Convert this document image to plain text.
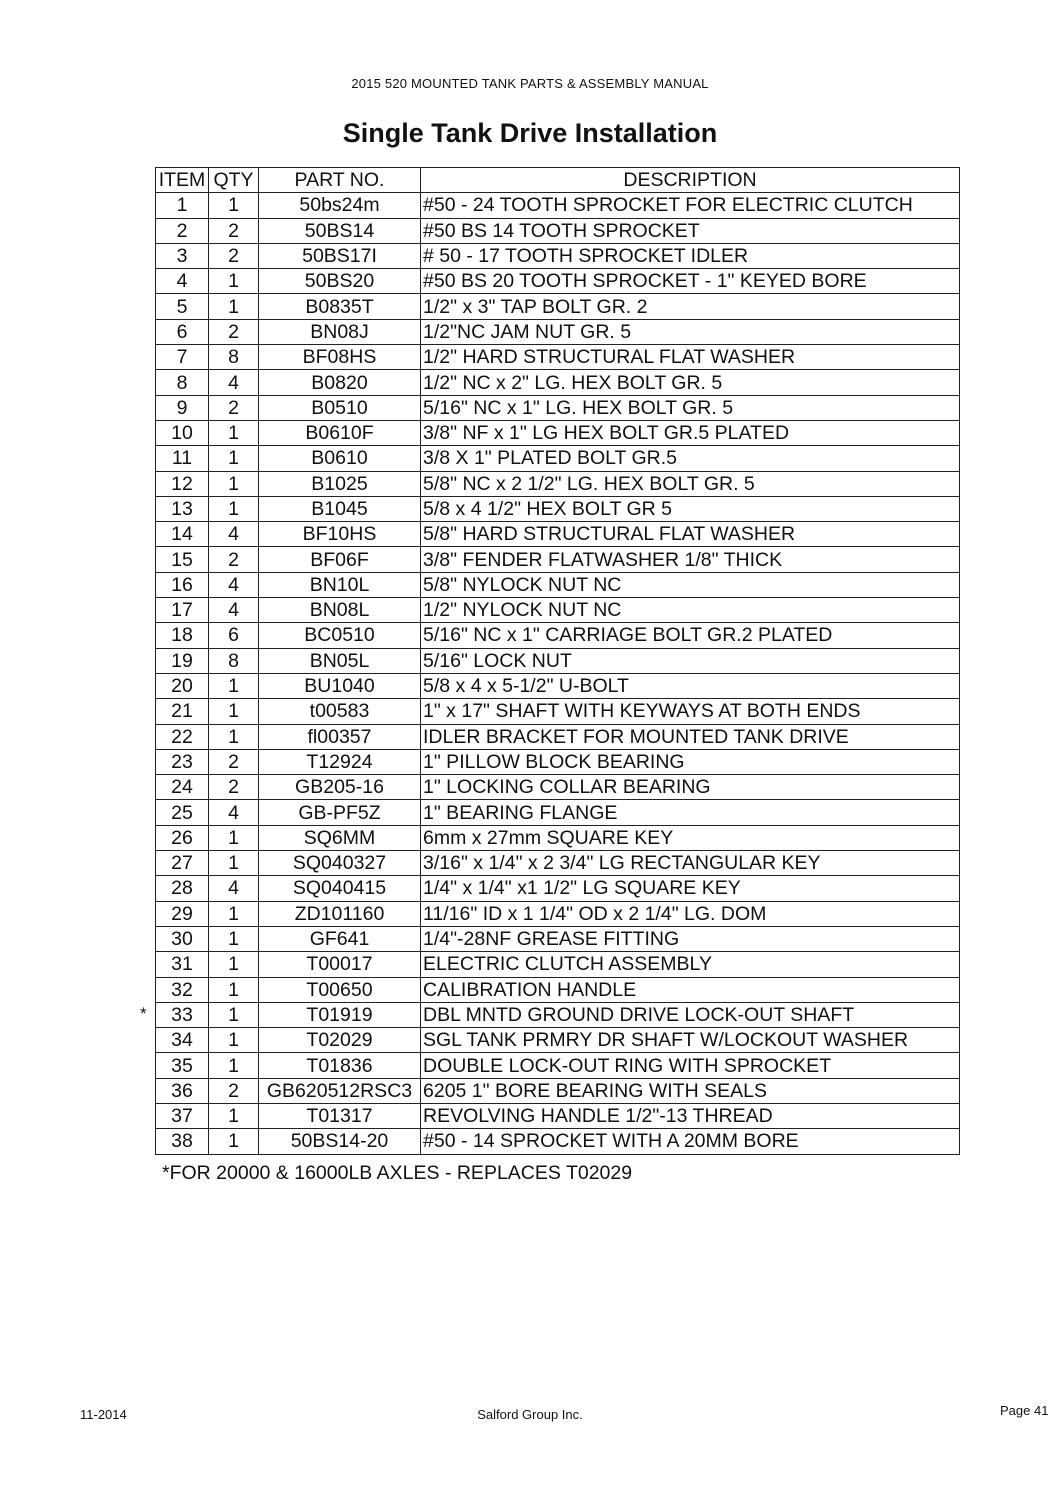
2015 520 MOUNTED TANK PARTS & ASSEMBLY MANUAL
Single Tank Drive Installation
ITEM	QTY	PART NO.	DESCRIPTION
1	1	50bs24m	#50 - 24 TOOTH SPROCKET FOR ELECTRIC CLUTCH
2	2	50BS14	#50 BS 14 TOOTH SPROCKET
3	2	50BS17I	# 50 - 17 TOOTH SPROCKET IDLER
4	1	50BS20	#50 BS 20 TOOTH SPROCKET - 1" KEYED BORE
5	1	B0835T	1/2" x 3" TAP BOLT GR. 2
6	2	BN08J	1/2"NC JAM NUT GR. 5
7	8	BF08HS	1/2" HARD STRUCTURAL FLAT WASHER
8	4	B0820	1/2" NC x 2" LG. HEX BOLT GR. 5
9	2	B0510	5/16" NC x 1" LG. HEX BOLT GR. 5
10	1	B0610F	3/8" NF x 1" LG HEX BOLT GR.5 PLATED
11	1	B0610	3/8 X 1" PLATED BOLT GR.5
12	1	B1025	5/8" NC x 2 1/2" LG. HEX BOLT GR. 5
13	1	B1045	5/8 x 4 1/2" HEX BOLT GR 5
14	4	BF10HS	5/8" HARD STRUCTURAL FLAT WASHER
15	2	BF06F	3/8" FENDER FLATWASHER 1/8" THICK
16	4	BN10L	5/8" NYLOCK NUT NC
17	4	BN08L	1/2" NYLOCK NUT NC
18	6	BC0510	5/16" NC x 1" CARRIAGE BOLT GR.2 PLATED
19	8	BN05L	5/16" LOCK NUT
20	1	BU1040	5/8 x 4 x 5-1/2" U-BOLT
21	1	t00583	1" x 17" SHAFT WITH KEYWAYS AT BOTH ENDS
22	1	fl00357	IDLER BRACKET FOR MOUNTED TANK DRIVE
23	2	T12924	1" PILLOW BLOCK BEARING
24	2	GB205-16	1" LOCKING COLLAR BEARING
25	4	GB-PF5Z	1" BEARING FLANGE
26	1	SQ6MM	6mm x 27mm SQUARE KEY
27	1	SQ040327	3/16" x 1/4" x 2 3/4" LG RECTANGULAR KEY
28	4	SQ040415	1/4" x 1/4" x1 1/2" LG SQUARE KEY
29	1	ZD101160	11/16" ID x 1 1/4" OD x 2 1/4" LG. DOM
30	1	GF641	1/4"-28NF GREASE FITTING
31	1	T00017	ELECTRIC CLUTCH ASSEMBLY
32	1	T00650	CALIBRATION HANDLE
33	1	T01919	DBL MNTD GROUND DRIVE LOCK-OUT SHAFT
34	1	T02029	SGL TANK PRMRY DR SHAFT W/LOCKOUT WASHER
35	1	T01836	DOUBLE LOCK-OUT RING WITH SPROCKET
36	2	GB620512RSC3	6205 1" BORE BEARING WITH SEALS
37	1	T01317	REVOLVING HANDLE 1/2"-13 THREAD
38	1	50BS14-20	#50 - 14 SPROCKET WITH A 20MM BORE
*
*FOR 20000 & 16000LB AXLES - REPLACES T02029
11-2014	Salford Group Inc.	Page 41
